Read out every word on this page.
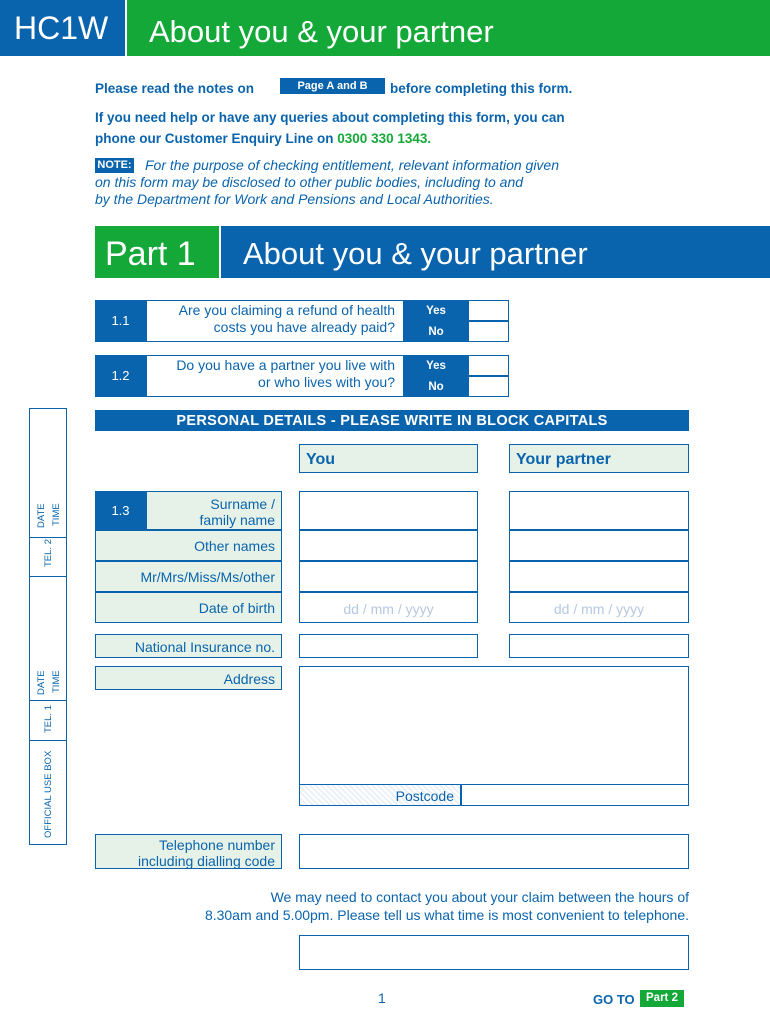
HC1W	About you & your partner
Please read the notes on	Page A and B	before completing this form.
If you need help or have any queries about completing this form, you can
phone our Customer Enquiry Line on 0300 330 1343.
NOTE: For the purpose of checking entitlement, relevant information given
on this form may be disclosed to other public bodies, including to and
by the Department for Work and Pensions and Local Authorities.
Part 1	About you & your partner
1.1
Are you claiming a refund of health
costs you have already paid?
Yes
No
1.2
Do you have a partner you live with
or who lives with you?
Yes
No
PERSONAL DETAILS - PLEASE WRITE IN BLOCK CAPITALS
You	Your partner
1.3	Surname /
family name
Other names
Mr/Mrs/Miss/Ms/other
Date of birth	dd / mm / yyyy	dd / mm / yyyy
National Insurance no.
Address
Postcode
Telephone number
including dialling code
We may need to contact you about your claim between the hours of
8.30am and 5.00pm. Please tell us what time is most convenient to telephone.
DATE TIME
TEL. 2
DATE TIME
TEL. 1
OFFICIAL USE BOX
1	GO TO Part 2
